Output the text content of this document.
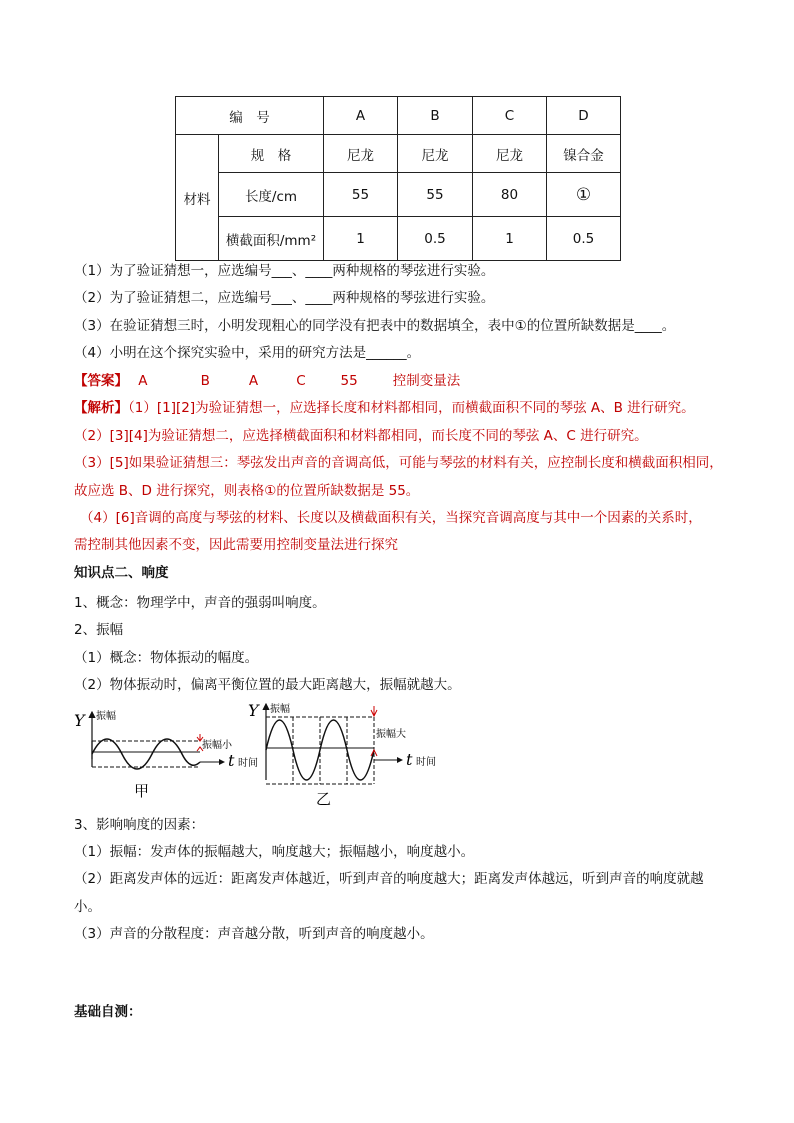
编　号		A	B	C	D
材料	规　格	尼龙	尼龙	尼龙	镍合金
	长度/cm	55	55	80	①
	横截面积/mm²	1	0.5	1	0.5
（1）为了验证猜想一，应选编号___、____两种规格的琴弦进行实验。
（2）为了验证猜想二，应选编号___、____两种规格的琴弦进行实验。
（3）在验证猜想三时，小明发现粗心的同学没有把表中的数据填全，表中①的位置所缺数据是____。
（4）小明在这个探究实验中，采用的研究方法是______。
【答案】 A	B	A	C	55	控制变量法
【解析】（1）[1][2]为验证猜想一，应选择长度和材料都相同，而横截面积不同的琴弦 A、B 进行研究。
（2）[3][4]为验证猜想二，应选择横截面积和材料都相同，而长度不同的琴弦 A、C 进行研究。
（3）[5]如果验证猜想三：琴弦发出声音的音调高低，可能与琴弦的材料有关，应控制长度和横截面积相同，
故应选 B、D 进行探究，则表格①的位置所缺数据是 55。
（4）[6]音调的高度与琴弦的材料、长度以及横截面积有关，当探究音调高度与其中一个因素的关系时，
需控制其他因素不变，因此需要用控制变量法进行探究
知识点二、响度
1、概念：物理学中，声音的强弱叫响度。
2、振幅
（1）概念：物体振动的幅度。
（2）物体振动时，偏离平衡位置的最大距离越大，振幅就越大。
Y 振幅
振幅小
t 时间
甲
Y 振幅
振幅大
t 时间
乙
3、影响响度的因素：
（1）振幅：发声体的振幅越大，响度越大；振幅越小，响度越小。
（2）距离发声体的远近：距离发声体越近，听到声音的响度越大；距离发声体越远，听到声音的响度就越
小。
（3）声音的分散程度：声音越分散，听到声音的响度越小。
基础自测：
